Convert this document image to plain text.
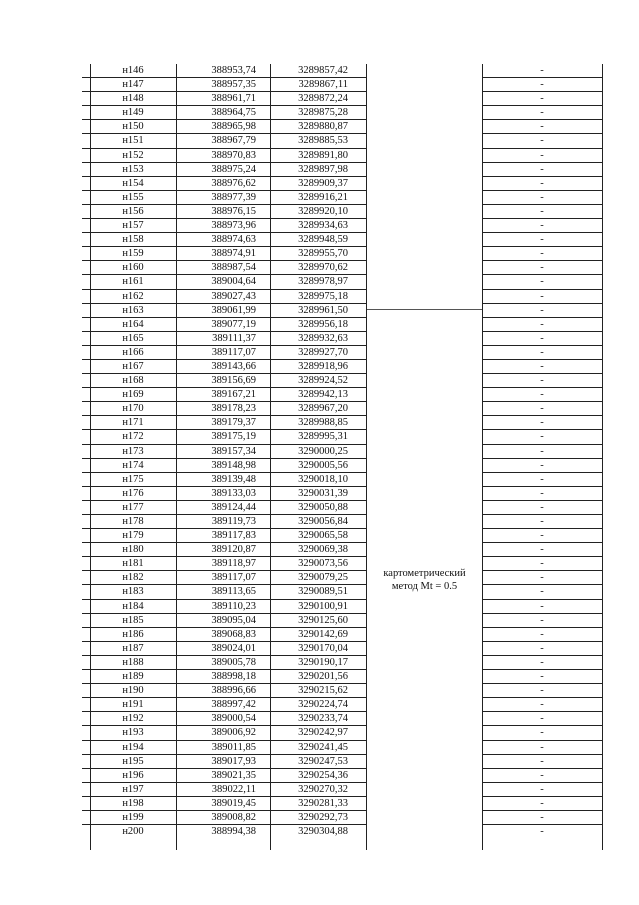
н146	388953,74	3289857,42	-
н147	388957,35	3289867,11	-
н148	388961,71	3289872,24	-
н149	388964,75	3289875,28	-
н150	388965,98	3289880,87	-
н151	388967,79	3289885,53	-
н152	388970,83	3289891,80	-
н153	388975,24	3289897,98	-
н154	388976,62	3289909,37	-
н155	388977,39	3289916,21	-
н156	388976,15	3289920,10	-
н157	388973,96	3289934,63	-
н158	388974,63	3289948,59	-
н159	388974,91	3289955,70	-
н160	388987,54	3289970,62	-
н161	389004,64	3289978,97	-
н162	389027,43	3289975,18	-
н163	389061,99	3289961,50	-
н164	389077,19	3289956,18	-
н165	389111,37	3289932,63	-
н166	389117,07	3289927,70	-
н167	389143,66	3289918,96	-
н168	389156,69	3289924,52	-
н169	389167,21	3289942,13	-
н170	389178,23	3289967,20	-
н171	389179,37	3289988,85	-
н172	389175,19	3289995,31	-
н173	389157,34	3290000,25	-
н174	389148,98	3290005,56	-
н175	389139,48	3290018,10	-
н176	389133,03	3290031,39	-
н177	389124,44	3290050,88	-
н178	389119,73	3290056,84	-
н179	389117,83	3290065,58	-
н180	389120,87	3290069,38	-
н181	389118,97	3290073,56	-
н182	389117,07	3290079,25	-
н183	389113,65	3290089,51	-
н184	389110,23	3290100,91	-
н185	389095,04	3290125,60	-
н186	389068,83	3290142,69	-
н187	389024,01	3290170,04	-
н188	389005,78	3290190,17	-
н189	388998,18	3290201,56	-
н190	388996,66	3290215,62	-
н191	388997,42	3290224,74	-
н192	389000,54	3290233,74	-
н193	389006,92	3290242,97	-
н194	389011,85	3290241,45	-
н195	389017,93	3290247,53	-
н196	389021,35	3290254,36	-
н197	389022,11	3290270,32	-
н198	389019,45	3290281,33	-
н199	389008,82	3290292,73	-
н200	388994,38	3290304,88	-
картометрический
метод Mt = 0.5
